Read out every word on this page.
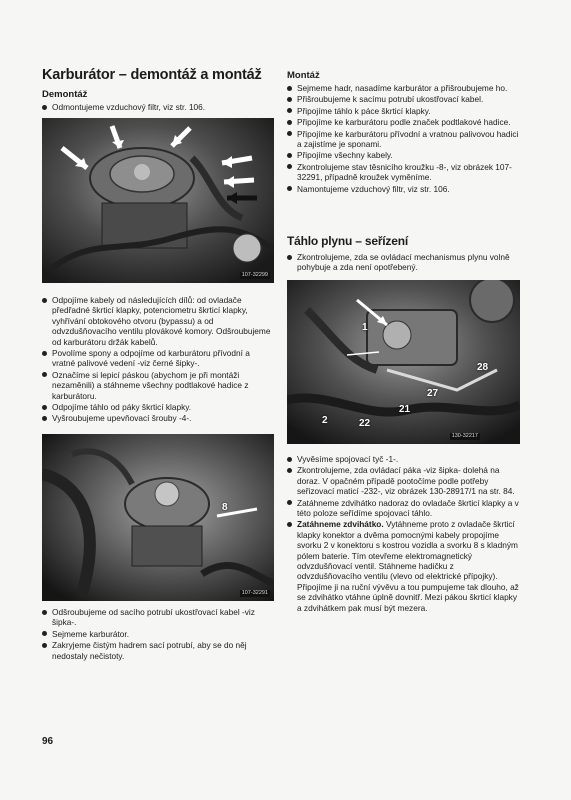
Karburátor – demontáž a montáž
Demontáž
Odmontujeme vzduchový filtr, viz str. 106.
107-32299
Odpojíme kabely od následujících dílů: od ovladače předřadné škrticí klapky, potenciometru škrticí klapky, vyhřívání obtokového otvoru (bypassu) a od odvzdušňovacího ventilu plovákové komory. Odšroubujeme od karburátoru držák kabelů.
Povolíme spony a odpojíme od karburátoru přívodní a vratné palivové vedení -viz černé šipky-.
Označíme si lepicí páskou (abychom je při montáži nezaměnili) a stáhneme všechny podtlakové hadice z karburátoru.
Odpojíme táhlo od páky škrticí klapky.
Vyšroubujeme upevňovací šrouby -4-.
8
107-32291
Odšroubujeme od sacího potrubí ukostřovací kabel -viz šipka-.
Sejmeme karburátor.
Zakryjeme čistým hadrem sací potrubí, aby se do něj nedostaly nečistoty.
Montáž
Sejmeme hadr, nasadíme karburátor a přišroubujeme ho.
Přišroubujeme k sacímu potrubí ukostřovací kabel.
Připojíme táhlo k páce škrticí klapky.
Připojíme ke karburátoru podle značek podtlakové hadice.
Připojíme ke karburátoru přívodní a vratnou palivovou hadici a zajistíme je sponami.
Připojíme všechny kabely.
Zkontrolujeme stav těsnicího kroužku -8-, viz obrázek 107-32291, případně kroužek vyměníme.
Namontujeme vzduchový filtr, viz str. 106.
Táhlo plynu – seřízení
Zkontrolujeme, zda se ovládací mechanismus plynu volně pohybuje a zda není opotřebený.
1
2	22
21
27
28
130-32217
Vyvěsíme spojovací tyč -1-.
Zkontrolujeme, zda ovládací páka -viz šipka- dolehá na doraz. V opačném případě pootočíme podle potřeby seřizovací maticí -232-, viz obrázek 130-28917/1 na str. 84.
Zatáhneme zdvihátko nadoraz do ovladače škrticí klapky a v této poloze seřídíme spojovací táhlo.
Zatáhneme zdvihátko. Vytáhneme proto z ovladače škrticí klapky konektor a dvěma pomocnými kabely propojíme svorku 2 v konektoru s kostrou vozidla a svorku 8 s kladným pólem baterie. Tím otevřeme elektromagnetický odvzdušňovací ventil. Stáhneme hadičku z odvzdušňovacího ventilu (vlevo od elektrické přípojky). Připojíme ji na ruční vývěvu a tou pumpujeme tak dlouho, až se zdvihátko vtáhne úplně dovnitř. Mezi pákou škrticí klapky a zdvihátkem pak musí být mezera.
96
